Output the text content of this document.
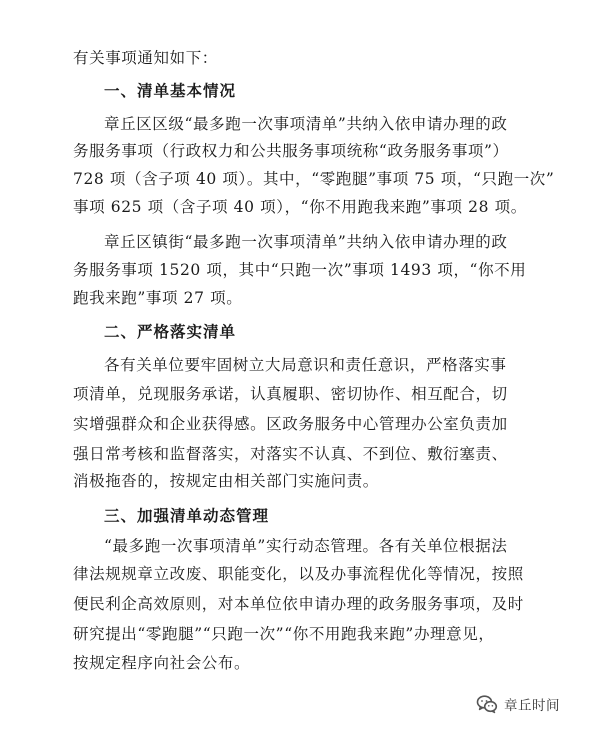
有关事项通知如下：
一、清单基本情况
章丘区区级“最多跑一次事项清单”共纳入依申请办理的政
务服务事项（行政权力和公共服务事项统称“政务服务事项”）
728 项（含子项 40 项）。其中，“零跑腿”事项 75 项，“只跑一次”
事项 625 项（含子项 40 项），“你不用跑我来跑”事项 28 项。
章丘区镇街“最多跑一次事项清单”共纳入依申请办理的政
务服务事项 1520 项，其中“只跑一次”事项 1493 项，“你不用
跑我来跑”事项 27 项。
二、严格落实清单
各有关单位要牢固树立大局意识和责任意识，严格落实事
项清单，兑现服务承诺，认真履职、密切协作、相互配合，切
实增强群众和企业获得感。区政务服务中心管理办公室负责加
强日常考核和监督落实，对落实不认真、不到位、敷衍塞责、
消极拖沓的，按规定由相关部门实施问责。
三、加强清单动态管理
“最多跑一次事项清单”实行动态管理。各有关单位根据法
律法规规章立改废、职能变化，以及办事流程优化等情况，按照
便民利企高效原则，对本单位依申请办理的政务服务事项，及时
研究提出“零跑腿”“只跑一次”“你不用跑我来跑”办理意见，
按规定程序向社会公布。
章丘时间
